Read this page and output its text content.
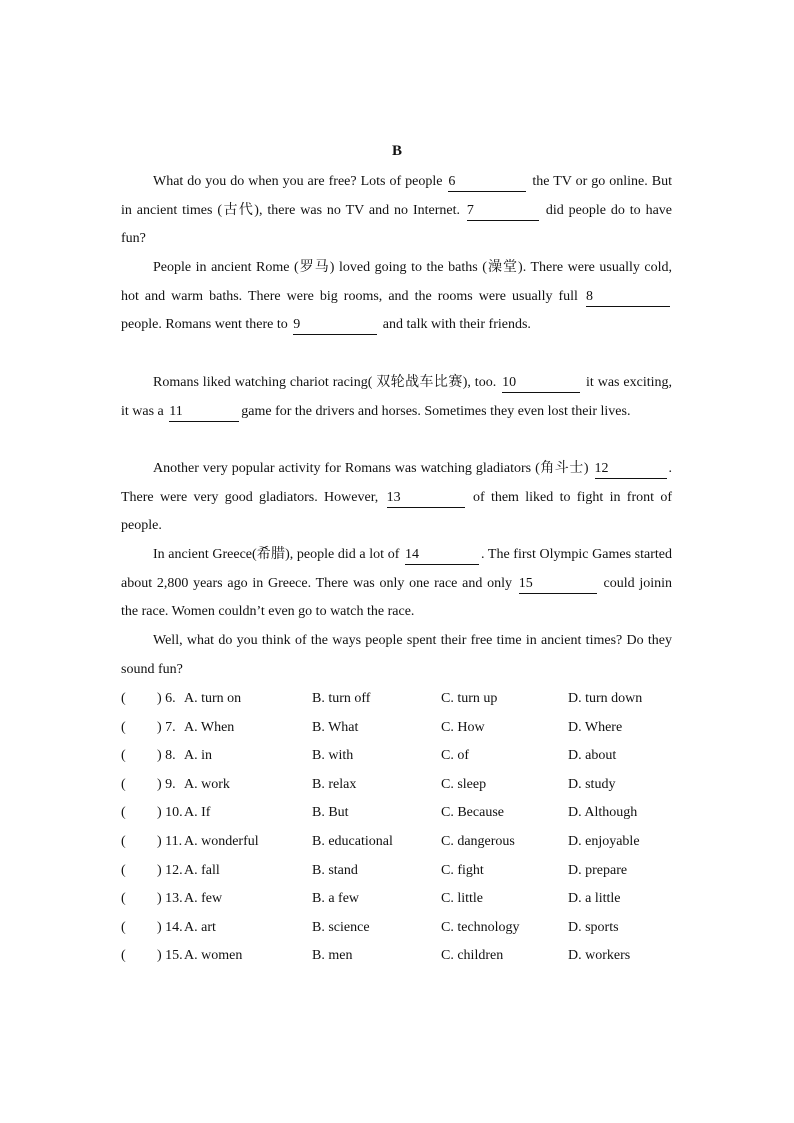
B

What do you do when you are free? Lots of people 6	the TV or go online. But in ancient times (古代), there was no TV and no Internet. 7	did people do to have fun?

People in ancient Rome (罗马) loved going to the baths (澡堂). There were usually cold, hot and warm baths. There were big rooms, and the rooms were usually full 8 people. Romans went there to 9	and talk with their friends.

Romans liked watching chariot racing( 双轮战车比赛), too. 10	it was exciting, it was a 11	game for the drivers and horses. Sometimes they even lost their lives.

Another very popular activity for Romans was watching gladiators (角斗士) 12	. There were very good gladiators. However, 13	of them liked to fight in front of people.

In ancient Greece(希腊), people did a lot of 14	. The first Olympic Games started about 2,800 years ago in Greece. There was only one race and only 15	could joinin the race. Women couldn’t even go to watch the race.

Well, what do you think of the ways people spent their free time in ancient times? Do they sound fun?

( ) 6. A. turn on	B. turn off	C. turn up	D. turn down
( ) 7. A. When	B. What	C. How	D. Where
( ) 8. A. in	B. with	C. of	D. about
( ) 9. A. work	B. relax	C. sleep	D. study
( ) 10. A. If	B. But	C. Because	D. Although
( ) 11. A. wonderful	B. educational	C. dangerous	D. enjoyable
( ) 12. A. fall	B. stand	C. fight	D. prepare
( ) 13. A. few	B. a few	C. little	D. a little
( ) 14. A. art	B. science	C. technology	D. sports
( ) 15. A. women	B. men	C. children	D. workers
